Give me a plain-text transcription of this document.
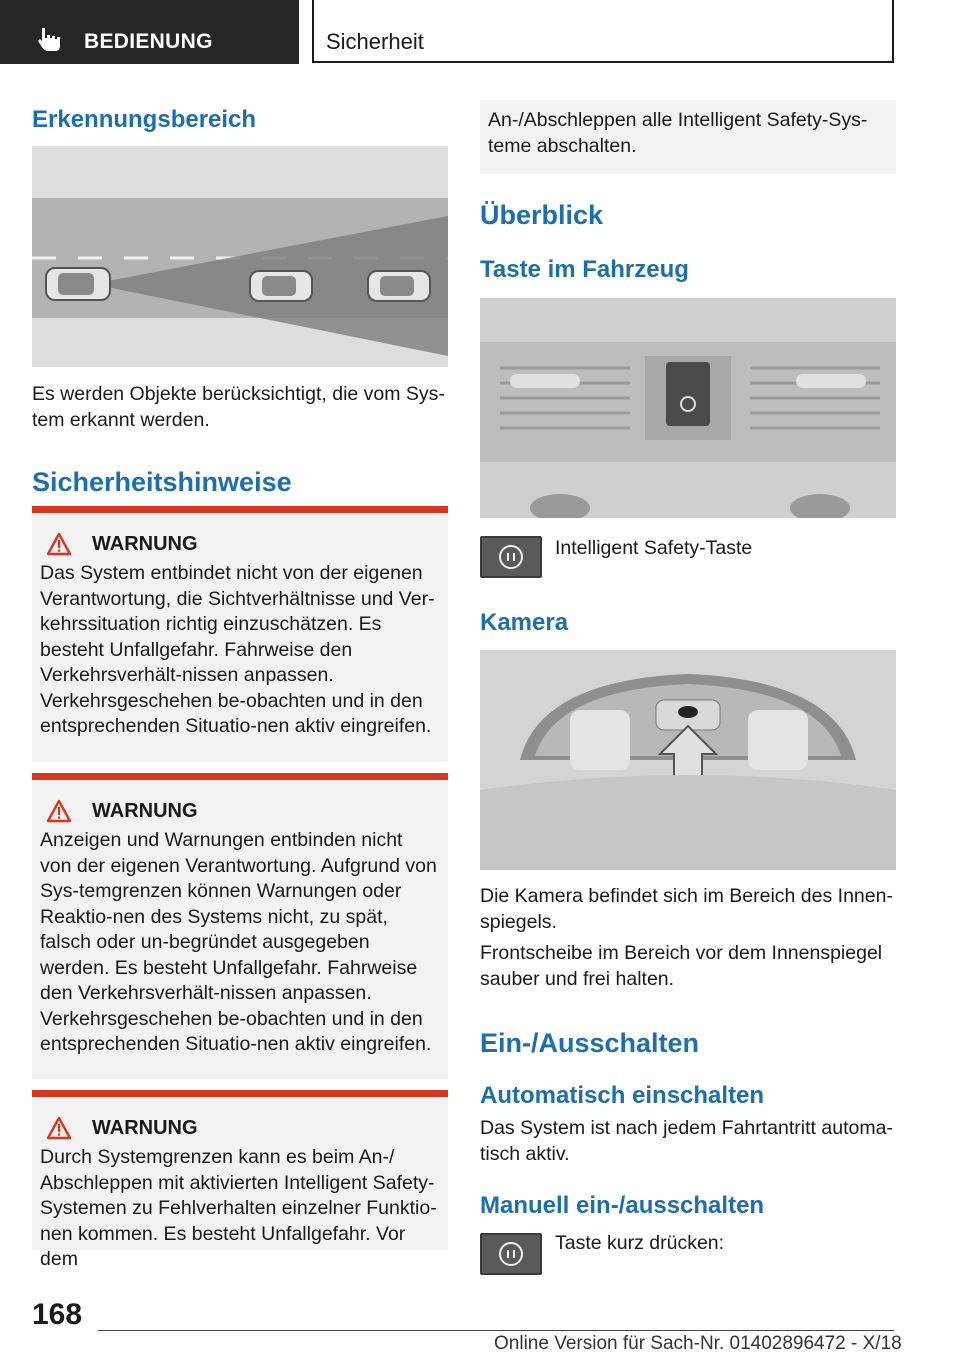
BEDIENUNG	Sicherheit
Erkennungsbereich

Es werden Objekte berücksichtigt, die vom Sys-
tem erkannt werden.

Sicherheitshinweise
WARNUNG
Das System entbindet nicht von der eigenen Verantwortung, die Sichtverhältnisse und Ver-kehrssituation richtig einzuschätzen. Es besteht Unfallgefahr. Fahrweise den Verkehrsverhält-nissen anpassen. Verkehrsgeschehen be-obachten und in den entsprechenden Situatio-nen aktiv eingreifen.
WARNUNG
Anzeigen und Warnungen entbinden nicht von der eigenen Verantwortung. Aufgrund von Sys-temgrenzen können Warnungen oder Reaktio-nen des Systems nicht, zu spät, falsch oder un-begründet ausgegeben werden. Es besteht Unfallgefahr. Fahrweise den Verkehrsverhält-nissen anpassen. Verkehrsgeschehen be-obachten und in den entsprechenden Situatio-nen aktiv eingreifen.
WARNUNG
Durch Systemgrenzen kann es beim An-/ Abschleppen mit aktivierten Intelligent Safety-Systemen zu Fehlverhalten einzelner Funktio-nen kommen. Es besteht Unfallgefahr. Vor dem
An-/Abschleppen alle Intelligent Safety-Sys-teme abschalten.
Überblick
Taste im Fahrzeug

Intelligent Safety-Taste

Kamera

Die Kamera befindet sich im Bereich des Innen-spiegels.

Frontscheibe im Bereich vor dem Innenspiegel sauber und frei halten.

Ein-/Ausschalten
Automatisch einschalten

Das System ist nach jedem Fahrtantritt automa-tisch aktiv.

Manuell ein-/ausschalten

Taste kurz drücken:

168
Online Version für Sach-Nr. 01402896472 - X/18
